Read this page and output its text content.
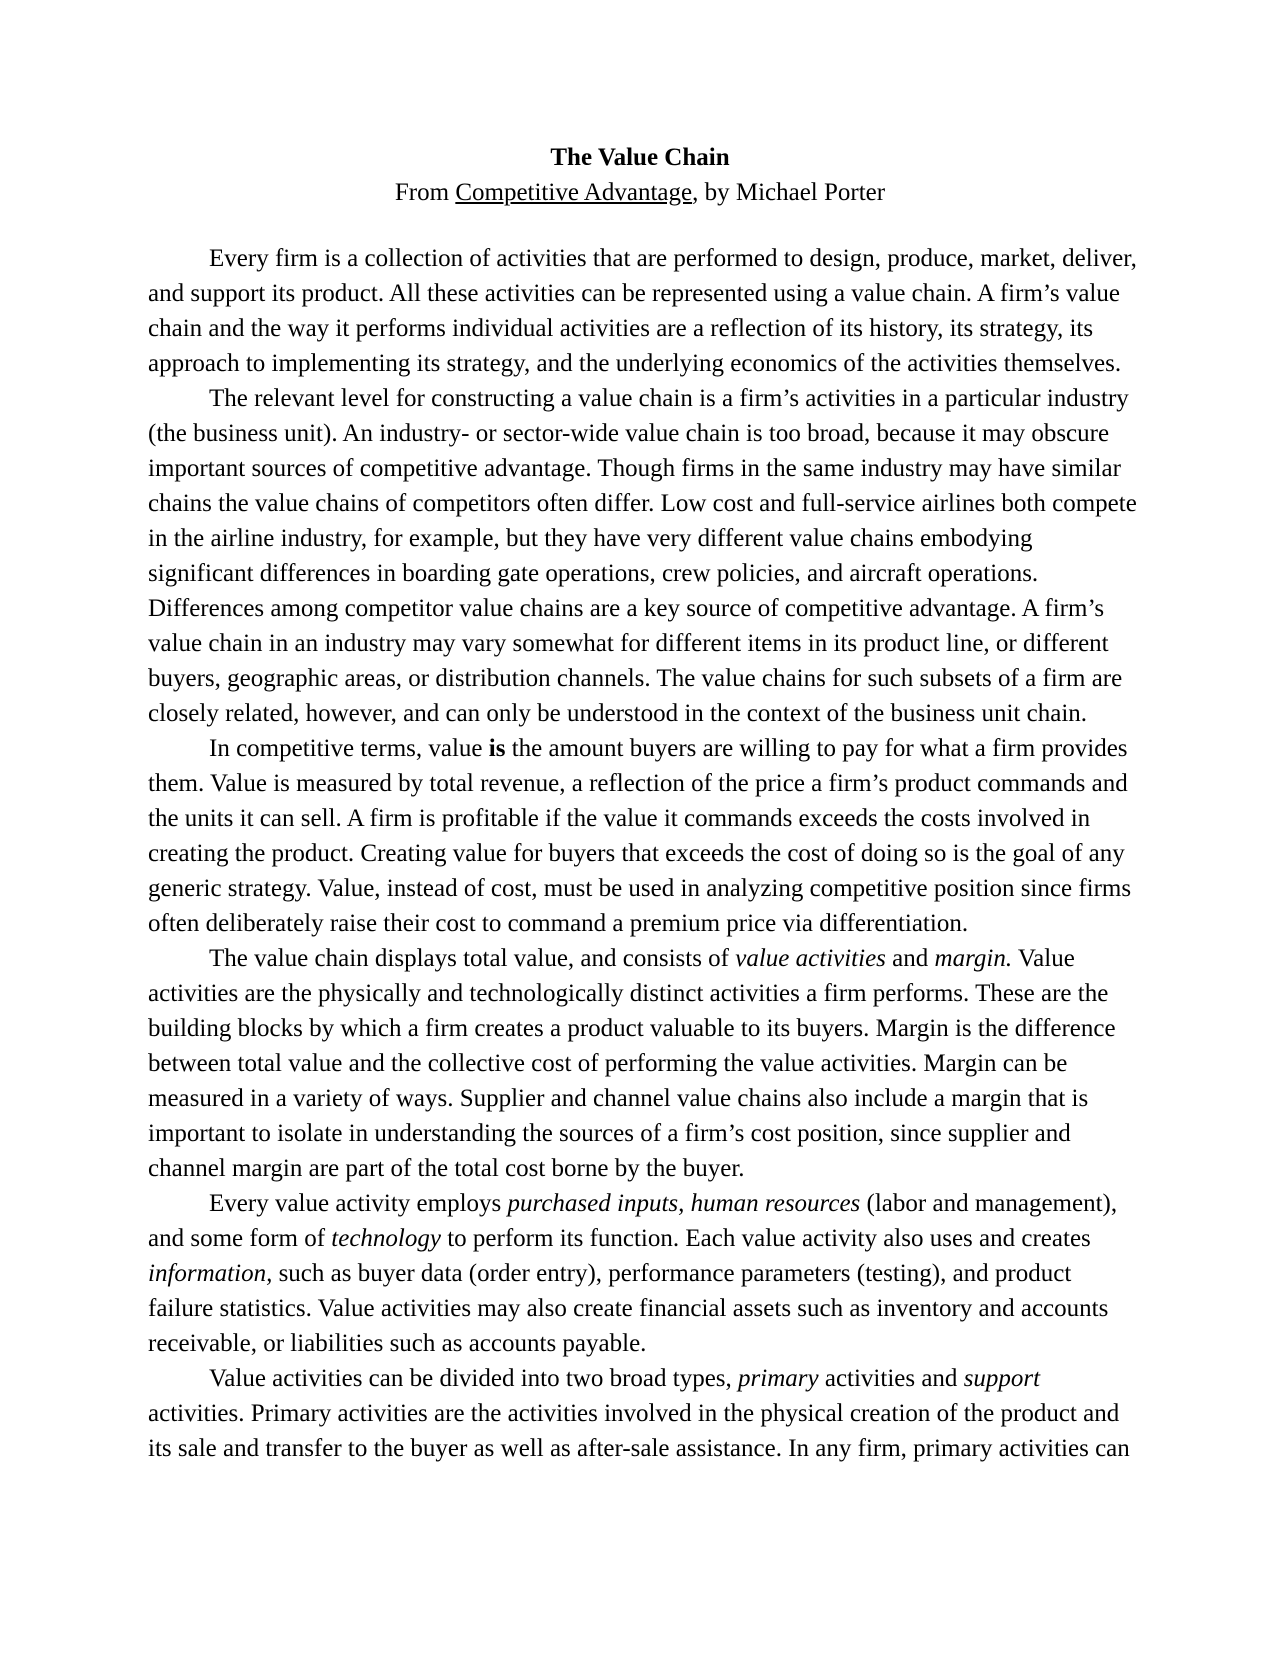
The Value Chain
From Competitive Advantage, by Michael Porter
Every firm is a collection of activities that are performed to design, produce, market, deliver,
and support its product. All these activities can be represented using a value chain. A firm’s value
chain and the way it performs individual activities are a reflection of its history, its strategy, its
approach to implementing its strategy, and the underlying economics of the activities themselves.
The relevant level for constructing a value chain is a firm’s activities in a particular industry
(the business unit). An industry- or sector-wide value chain is too broad, because it may obscure
important sources of competitive advantage. Though firms in the same industry may have similar
chains the value chains of competitors often differ. Low cost and full-service airlines both compete
in the airline industry, for example, but they have very different value chains embodying
significant differences in boarding gate operations, crew policies, and aircraft operations.
Differences among competitor value chains are a key source of competitive advantage. A firm’s
value chain in an industry may vary somewhat for different items in its product line, or different
buyers, geographic areas, or distribution channels. The value chains for such subsets of a firm are
closely related, however, and can only be understood in the context of the business unit chain.
In competitive terms, value is the amount buyers are willing to pay for what a firm provides
them. Value is measured by total revenue, a reflection of the price a firm’s product commands and
the units it can sell. A firm is profitable if the value it commands exceeds the costs involved in
creating the product. Creating value for buyers that exceeds the cost of doing so is the goal of any
generic strategy. Value, instead of cost, must be used in analyzing competitive position since firms
often deliberately raise their cost to command a premium price via differentiation.
The value chain displays total value, and consists of value activities and margin. Value
activities are the physically and technologically distinct activities a firm performs. These are the
building blocks by which a firm creates a product valuable to its buyers. Margin is the difference
between total value and the collective cost of performing the value activities. Margin can be
measured in a variety of ways. Supplier and channel value chains also include a margin that is
important to isolate in understanding the sources of a firm’s cost position, since supplier and
channel margin are part of the total cost borne by the buyer.
Every value activity employs purchased inputs, human resources (labor and management),
and some form of technology to perform its function. Each value activity also uses and creates
information, such as buyer data (order entry), performance parameters (testing), and product
failure statistics. Value activities may also create financial assets such as inventory and accounts
receivable, or liabilities such as accounts payable.
Value activities can be divided into two broad types, primary activities and support
activities. Primary activities are the activities involved in the physical creation of the product and
its sale and transfer to the buyer as well as after-sale assistance. In any firm, primary activities can
